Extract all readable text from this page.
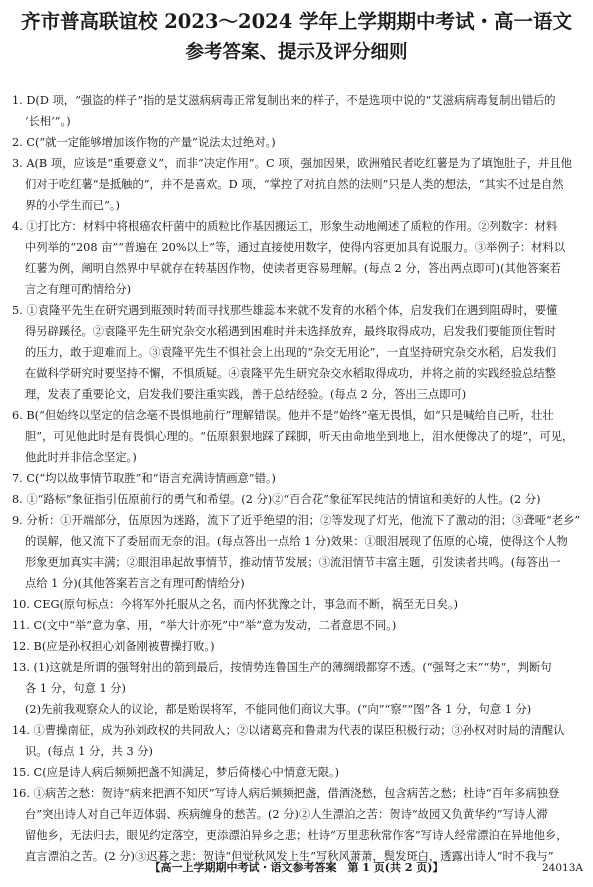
齐市普高联谊校 2023～2024 学年上学期期中考试・高一语文
参考答案、提示及评分细则
1. D(D 项，“强盗的样子”指的是艾滋病病毒正常复制出来的样子，不是选项中说的“艾滋病病毒复制出错后的
‘长相’”。)
2. C(“就一定能够增加该作物的产量”说法太过绝对。)
3. A(B 项，应该是“重要意义”，而非“决定作用”。C 项，强加因果，欧洲殖民者吃红薯是为了填饱肚子，并且他
们对于吃红薯“是抵触的”，并不是喜欢。D 项，“掌控了对抗自然的法则”只是人类的想法，“其实不过是自然
界的小学生而已”。)
4. ①打比方：材料中将根癌农杆菌中的质粒比作基因搬运工，形象生动地阐述了质粒的作用。②列数字：材料
中列举的“208 亩”“普遍在 20%以上”等，通过直接使用数字，使得内容更加具有说服力。③举例子：材料以
红薯为例，阐明自然界中早就存在转基因作物，使读者更容易理解。(每点 2 分，答出两点即可)(其他答案若
言之有理可酌情给分)
5. ①袁隆平先生在研究遇到瓶颈时转而寻找那些雄蕊本来就不发育的水稻个体，启发我们在遇到阻碍时，要懂
得另辟蹊径。②袁隆平先生研究杂交水稻遇到困难时并未选择放弃，最终取得成功，启发我们要能顶住暂时
的压力，敢于迎难而上。③袁隆平先生不惧社会上出现的“杂交无用论”，一直坚持研究杂交水稻，启发我们
在做科学研究时要坚持不懈，不惧质疑。④袁隆平先生研究杂交水稻取得成功，并将之前的实践经验总结整
理，发表了重要论文，启发我们要注重实践，善于总结经验。(每点 2 分，答出三点即可)
6. B(“但始终以坚定的信念毫不畏惧地前行”理解错误。他并不是“始终”毫无畏惧，如“只是喊给自己听，壮壮
胆”，可见他此时是有畏惧心理的。“伍原狠狠地踩了踩脚，听天由命地坐到地上，泪水便像决了的堤”，可见，
他此时并非信念坚定。)
7. C(“均以故事情节取胜”和“语言充满诗情画意”错。)
8. ①“路标”象征指引伍原前行的勇气和希望。(2 分)②“百合花”象征军民纯洁的情谊和美好的人性。(2 分)
9. 分析：①开端部分，伍原因为迷路，流下了近乎绝望的泪；②等发现了灯光，他流下了激动的泪；③聋哑“老乡”
的误解，他又流下了委屈而无奈的泪。(每点答出一点给 1 分)效果：①眼泪展现了伍原的心境，使得这个人物
形象更加真实丰满；②眼泪串起故事情节，推动情节发展；③流泪情节丰富主题，引发读者共鸣。(每答出一
点给 1 分)(其他答案若言之有理可酌情给分)
10. CEG(原句标点：今将军外托服从之名，而内怀犹豫之计，事急而不断，祸至无日矣。)
11. C(文中“举”意为拿、用，“举大计亦死”中“举”意为发动，二者意思不同。)
12. B(应是孙权担心刘备刚被曹操打败。)
13. (1)这就是所谓的强弩射出的箭到最后，按情势连鲁国生产的薄绸缎都穿不透。(“强弩之末”“势”，判断句
各 1 分，句意 1 分)
(2)先前我观察众人的议论，都是贻误将军，不能同他们商议大事。(“向”“察”“图”各 1 分，句意 1 分)
14. ①曹操南征，成为孙刘政权的共同敌人；②以诸葛亮和鲁肃为代表的谋臣积极行动；③孙权对时局的清醒认
识。(每点 1 分，共 3 分)
15. C(应是诗人病后频频把盏不知满足，梦后倚楼心中情意无限。)
16. ①病苦之愁：贺诗“病来把酒不知厌”写诗人病后频频把盏，借酒浇愁，包含病苦之愁；杜诗“百年多病独登
台”突出诗人对自己年迈体弱、疾病缠身的愁苦。(2 分)②人生漂泊之苦：贺诗“故园又负黄华约”写诗人滞
留他乡，无法归去，眼见约定落空，更添漂泊异乡之悲；杜诗“万里悲秋常作客”写诗人经常漂泊在异地他乡，
直言漂泊之苦。(2 分)③迟暮之悲：贺诗“但觉秋风发上生”写秋风萧萧，鬓发斑白，透露出诗人“时不我与”
【高一上学期期中考试・语文参考答案　第 1 页(共 2 页)】	24013A
